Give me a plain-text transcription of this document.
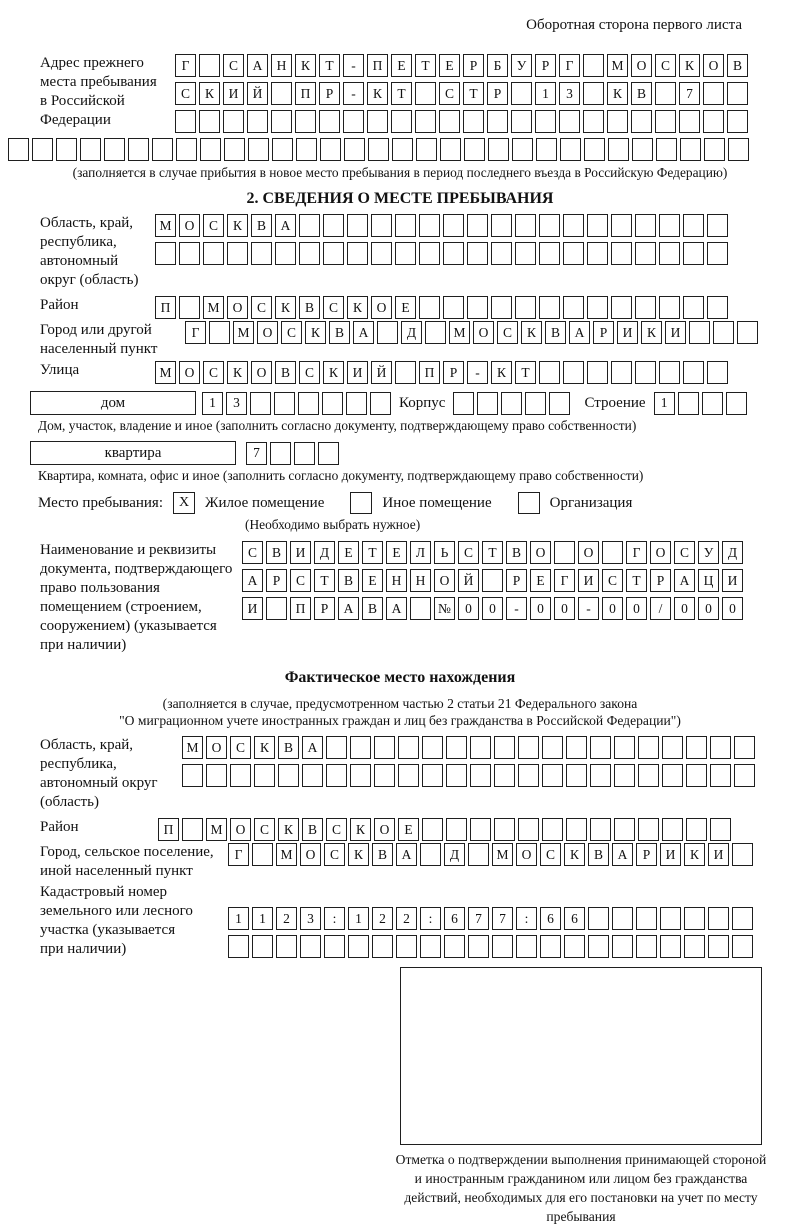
Оборотная сторона первого листа
Адрес прежнего
места пребывания
в Российской
Федерации
Г	С	А	Н	К	Т	-	П	Е	Т	Е	Р	Б	У	Р	Г	М О	С	К	О	В
С	К	И	Й	П	Р	-	К	Т	С	Т	Р	1	3	К	В	7
(заполняется в случае прибытия в новое место пребывания в период последнего въезда в Российскую Федерацию)
2. СВЕДЕНИЯ О МЕСТЕ ПРЕБЫВАНИЯ
Область, край,
республика,
автономный
округ (область)
М О	С	К	В	А
Район	П	М О	С	К	В	С	К	О	Е
Город или другой
населенный пункт
Г	М О	С	К	В	А	Д	М О	С	К	В	А	Р	И	К	И
Улица	М О	С	К	О	В	С	К	И	Й	П	Р	-	К	Т
дом	1	3	Корпус	Строение	1
Дом, участок, владение и иное (заполнить согласно документу, подтверждающему право собственности)
квартира	7
Квартира, комната, офис и иное (заполнить согласно документу, подтверждающему право собственности)
Место пребывания:	X	Жилое помещение	Иное помещение	Организация
(Необходимо выбрать нужное)
Наименование и реквизиты
документа, подтверждающего
право пользования
помещением (строением,
сооружением) (указывается
при наличии)
С	В	И	Д	Е	Т	Е	Л	Ь	С	Т	В	О	О	Г	О	С	У	Д
А	Р	С	Т	В	Е	Н	Н	О	Й	Р	Е	Г	И	С	Т	Р	А	Ц	И
И	П	Р	А	В	А	№	0	0	-	0	0	-	0	0	/	0	0	0
Фактическое место нахождения
(заполняется в случае, предусмотренном частью 2 статьи 21 Федерального закона
"О миграционном учете иностранных граждан и лиц без гражданства в Российской Федерации")
Область, край,
республика,
автономный округ
(область)
М О	С	К	В	А
Район	П	М О	С	К	В	С	К	О	Е
Город, сельское поселение,
иной населенный пункт
Г	М О	С	К	В	А	Д	М О	С	К	В	А	Р	И	К	И
Кадастровый номер
земельного или лесного
участка (указывается
при наличии)
1	1	2	3	:	1	2	2	:	6	7	7	:	6	6
Отметка о подтверждении выполнения принимающей стороной и иностранным гражданином или лицом без гражданства действий, необходимых для его постановки на учет по месту пребывания
